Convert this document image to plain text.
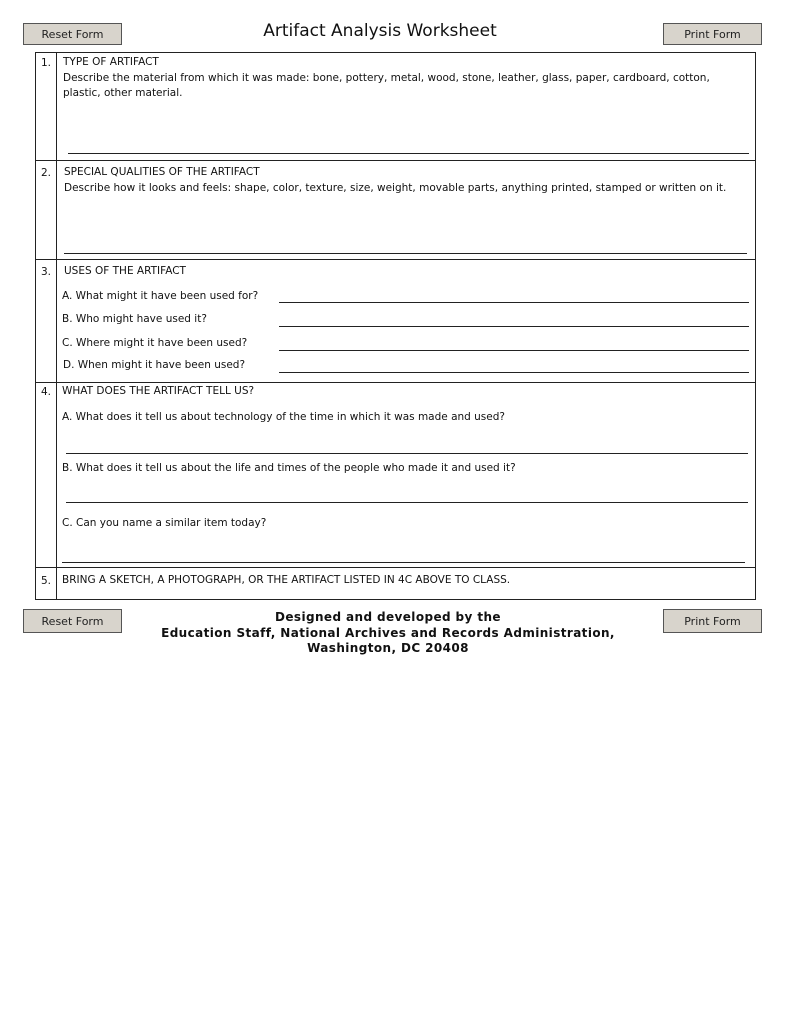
Reset Form	Artifact Analysis Worksheet	Print Form
1.	TYPE OF ARTIFACT
Describe the material from which it was made: bone, pottery, metal, wood, stone, leather, glass, paper, cardboard, cotton, plastic, other material.
2.	SPECIAL QUALITIES OF THE ARTIFACT
Describe how it looks and feels: shape, color, texture, size, weight, movable parts, anything printed, stamped or written on it.
3.	USES OF THE ARTIFACT
A. What might it have been used for?
B. Who might have used it?
C. Where might it have been used?
D. When might it have been used?
4.	WHAT DOES THE ARTIFACT TELL US?
A. What does it tell us about technology of the time in which it was made and used?
B. What does it tell us about the life and times of the people who made it and used it?
C. Can you name a similar item today?
5.	BRING A SKETCH, A PHOTOGRAPH, OR THE ARTIFACT LISTED IN 4C ABOVE TO CLASS.
Reset Form	Print Form
Designed and developed by the
Education Staff, National Archives and Records Administration,
Washington, DC 20408
